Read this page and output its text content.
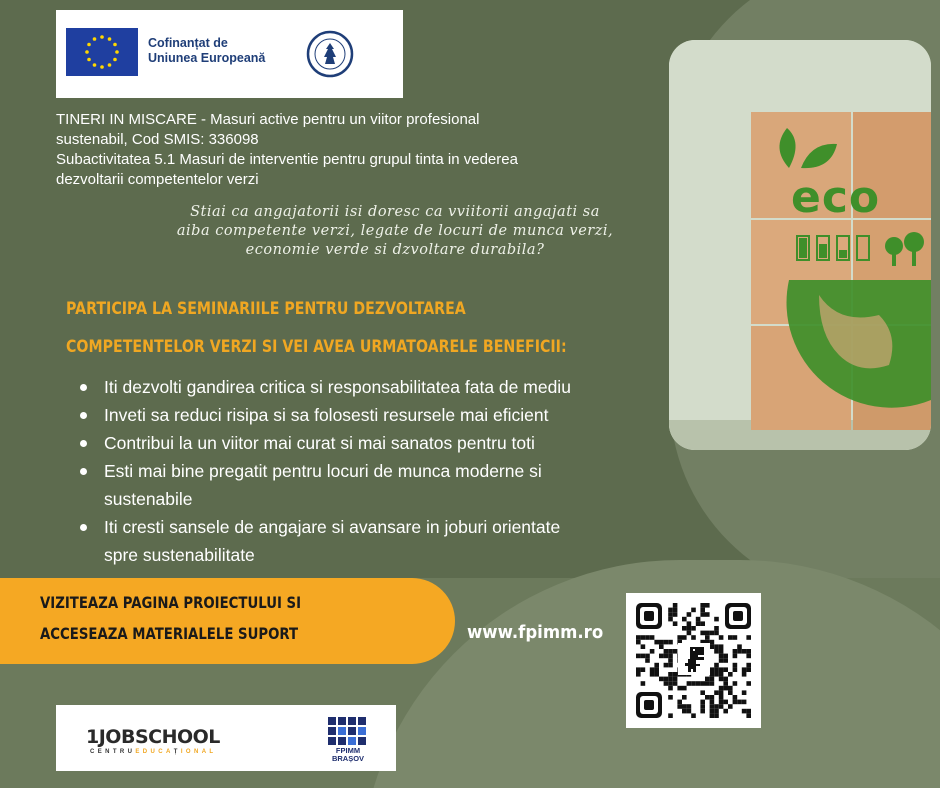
Cofinanțat de
Uniunea Europeană
TINERI IN MISCARE - Masuri active pentru un viitor profesional
sustenabil, Cod SMIS: 336098
Subactivitatea 5.1 Masuri de interventie pentru grupul tinta in vederea
dezvoltarii competentelor verzi
Stiai ca angajatorii isi doresc ca vviitorii angajati sa
aiba competente verzi, legate de locuri de munca verzi,
economie verde si dzvoltare durabila?
PARTICIPA LA SEMINARIILE PENTRU DEZVOLTAREA
COMPETENTELOR VERZI SI VEI AVEA URMATOARELE BENEFICII:
Iti dezvolti gandirea critica si responsabilitatea fata de mediu
Inveti sa reduci risipa si sa folosesti resursele mai eficient
Contribui la un viitor mai curat si mai sanatos pentru toti
Esti mai bine pregatit pentru locuri de munca moderne si
sustenabile
Iti cresti sansele de angajare si avansare in joburi orientate
spre sustenabilitate
eco
VIZITEAZA PAGINA PROIECTULUI SI
ACCESEAZA MATERIALELE SUPORT	www.fpimm.ro
1JOBSCHOOL
CENTRUEDUCAȚIONAL	FPIMM
BRAȘOV
